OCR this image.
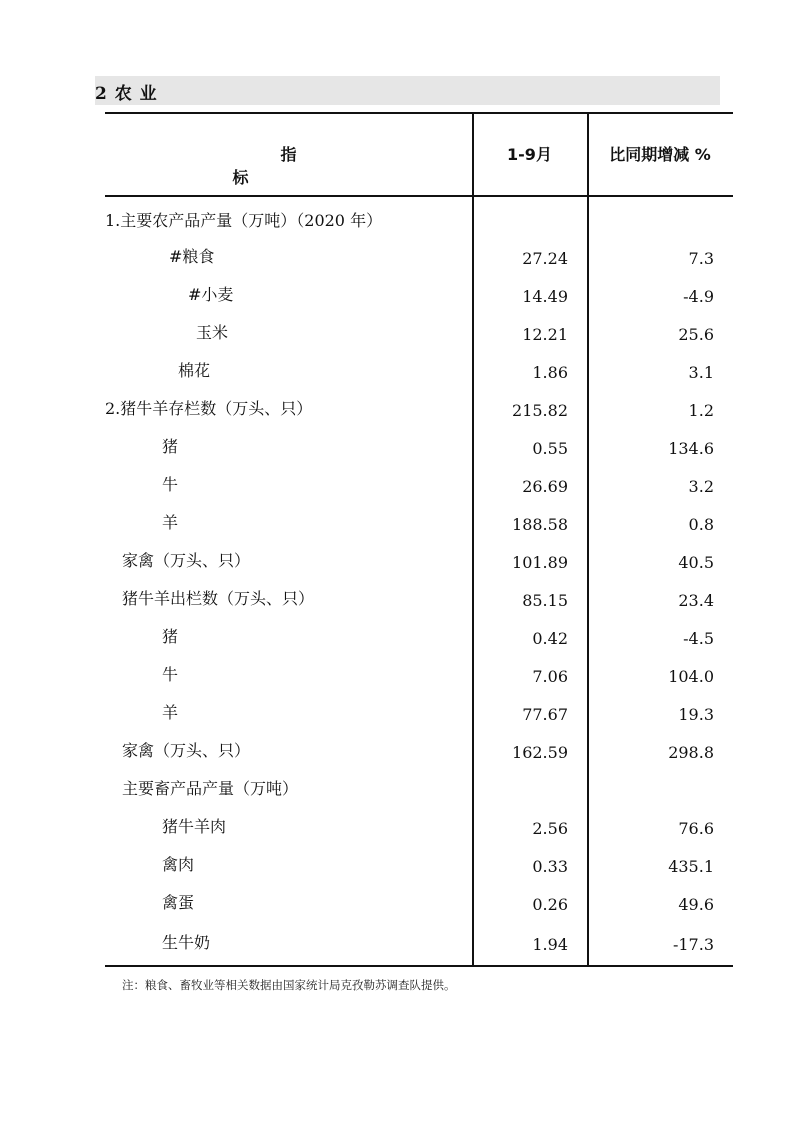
2 农 业
指 标
1-9月	比同期增减 %
1.主要农产品产量（万吨）（2020 年）
#粮食	27.24	7.3
#小麦	14.49	-4.9
玉米	12.21	25.6
棉花	1.86	3.1
2.猪牛羊存栏数（万头、只）	215.82	1.2
猪	0.55	134.6
牛	26.69	3.2
羊	188.58	0.8
家禽（万头、只）	101.89	40.5
猪牛羊出栏数（万头、只）	85.15	23.4
猪	0.42	-4.5
牛	7.06	104.0
羊	77.67	19.3
家禽（万头、只）	162.59	298.8
主要畜产品产量（万吨）
猪牛羊肉	2.56	76.6
禽肉	0.33	435.1
禽蛋	0.26	49.6
生牛奶	1.94	-17.3
注：粮食、畜牧业等相关数据由国家统计局克孜勒苏调查队提供。
